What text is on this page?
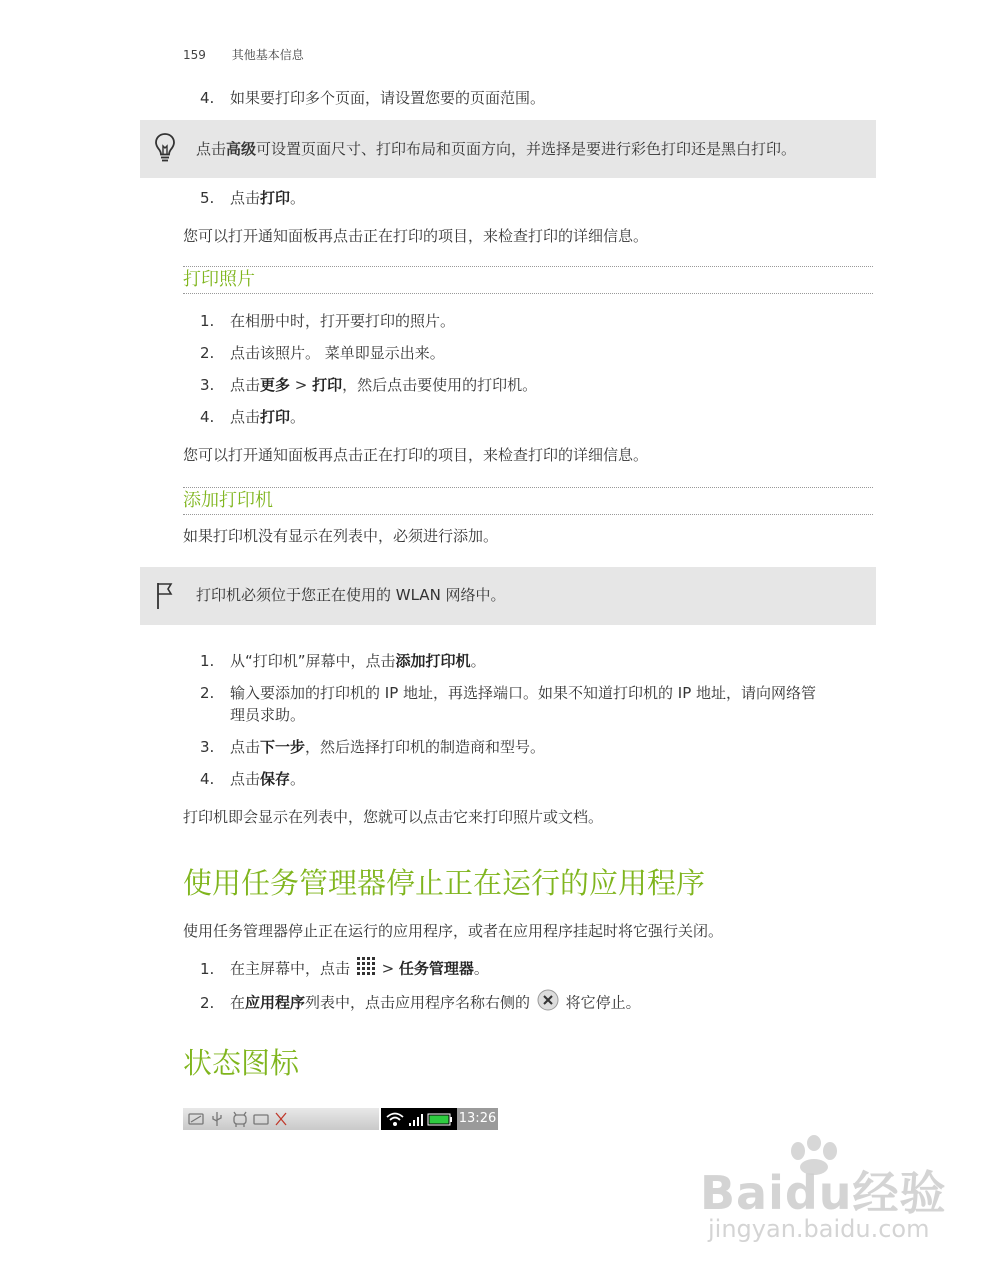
159 其他基本信息
4. 如果要打印多个页面，请设置您要的页面范围。
点击高级可设置页面尺寸、打印布局和页面方向，并选择是要进行彩色打印还是黑白打印。
5. 点击打印。
您可以打开通知面板再点击正在打印的项目，来检查打印的详细信息。
打印照片
1. 在相册中时，打开要打印的照片。
2. 点击该照片。 菜单即显示出来。
3. 点击更多 > 打印，然后点击要使用的打印机。
4. 点击打印。
您可以打开通知面板再点击正在打印的项目，来检查打印的详细信息。
添加打印机
如果打印机没有显示在列表中，必须进行添加。
打印机必须位于您正在使用的 WLAN 网络中。
1. 从“打印机”屏幕中，点击添加打印机。
2. 输入要添加的打印机的 IP 地址，再选择端口。如果不知道打印机的 IP 地址，请向网络管
理员求助。
3. 点击下一步，然后选择打印机的制造商和型号。
4. 点击保存。
打印机即会显示在列表中，您就可以点击它来打印照片或文档。
使用任务管理器停止正在运行的应用程序
使用任务管理器停止正在运行的应用程序，或者在应用程序挂起时将它强行关闭。
1. 在主屏幕中，点击  > 任务管理器。
2. 在应用程序列表中，点击应用程序名称右侧的  将它停止。
状态图标
13:26
Baidu经验
jingyan.baidu.com
